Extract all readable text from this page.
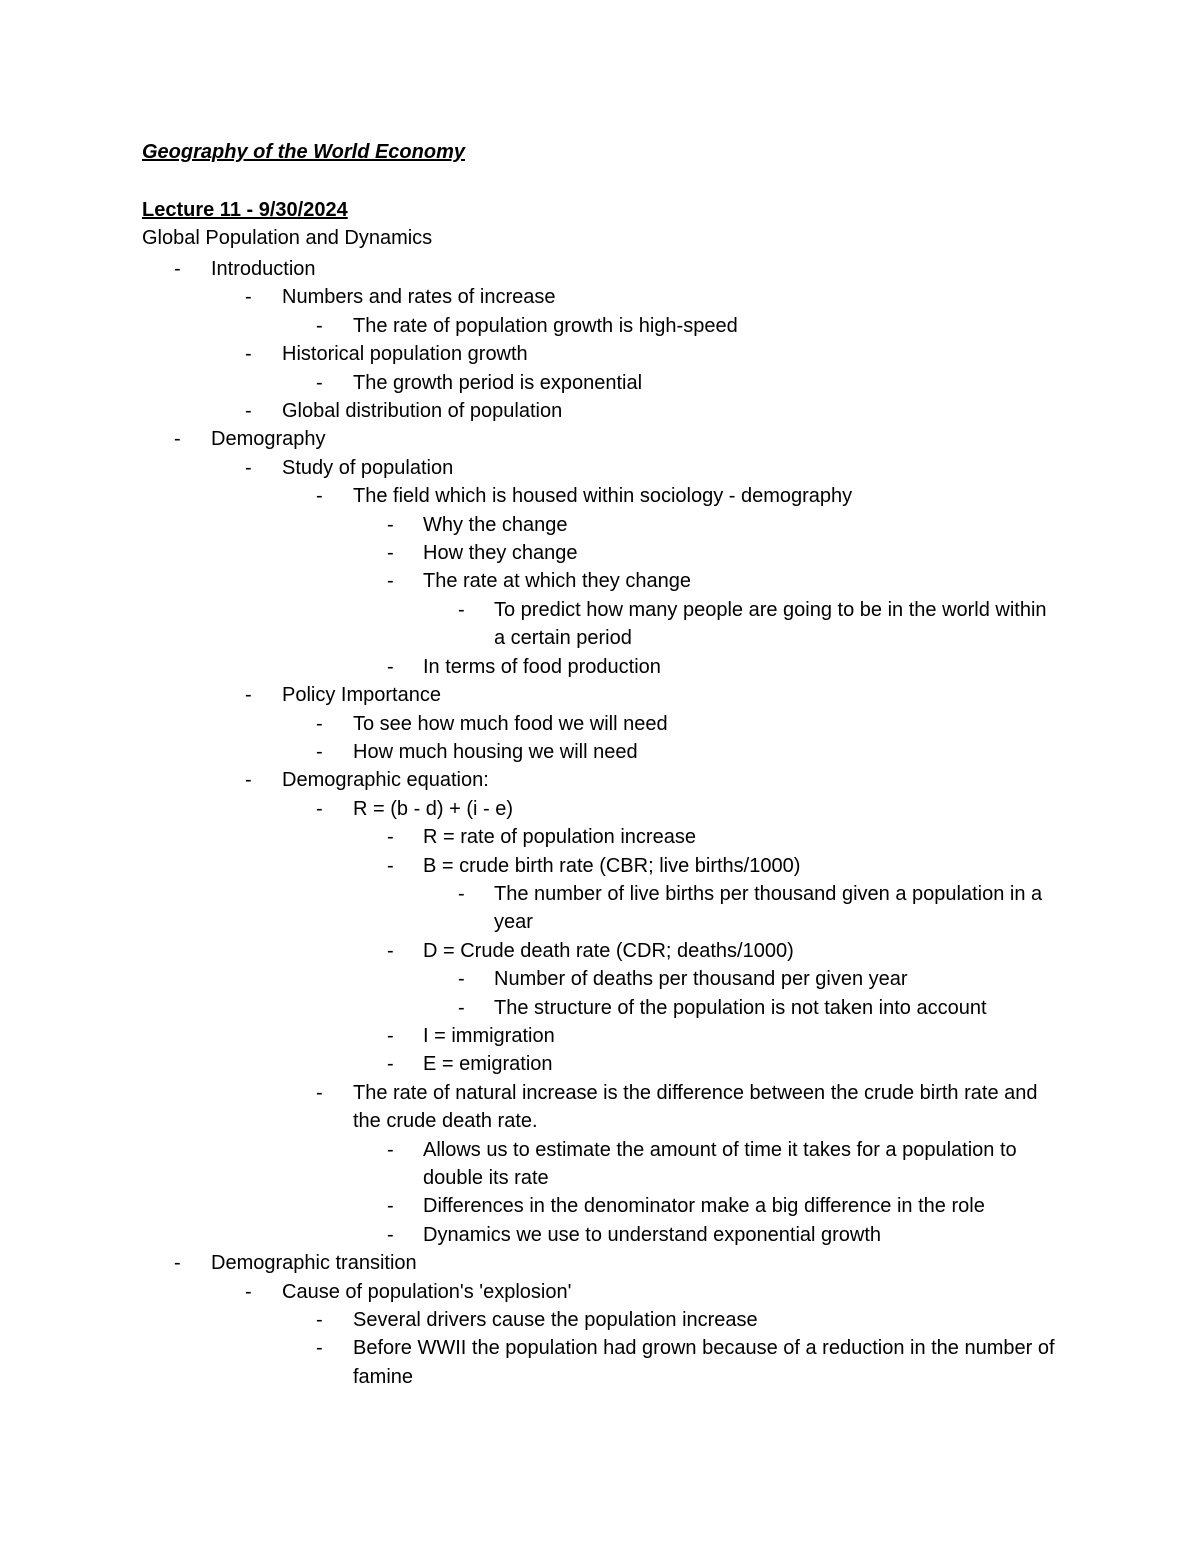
Geography of the World Economy
Lecture 11 - 9/30/2024
Global Population and Dynamics
- Introduction
- Numbers and rates of increase
- The rate of population growth is high-speed
- Historical population growth
- The growth period is exponential
- Global distribution of population
- Demography
- Study of population
- The field which is housed within sociology - demography
- Why the change
- How they change
- The rate at which they change
- To predict how many people are going to be in the world within a certain period
- In terms of food production
- Policy Importance
- To see how much food we will need
- How much housing we will need
- Demographic equation:
- R = (b - d) + (i - e)
- R = rate of population increase
- B = crude birth rate (CBR; live births/1000)
- The number of live births per thousand given a population in a year
- D = Crude death rate (CDR; deaths/1000)
- Number of deaths per thousand per given year
- The structure of the population is not taken into account
- I = immigration
- E = emigration
- The rate of natural increase is the difference between the crude birth rate and the crude death rate.
- Allows us to estimate the amount of time it takes for a population to double its rate
- Differences in the denominator make a big difference in the role
- Dynamics we use to understand exponential growth
- Demographic transition
- Cause of population's 'explosion'
- Several drivers cause the population increase
- Before WWII the population had grown because of a reduction in the number of famine
